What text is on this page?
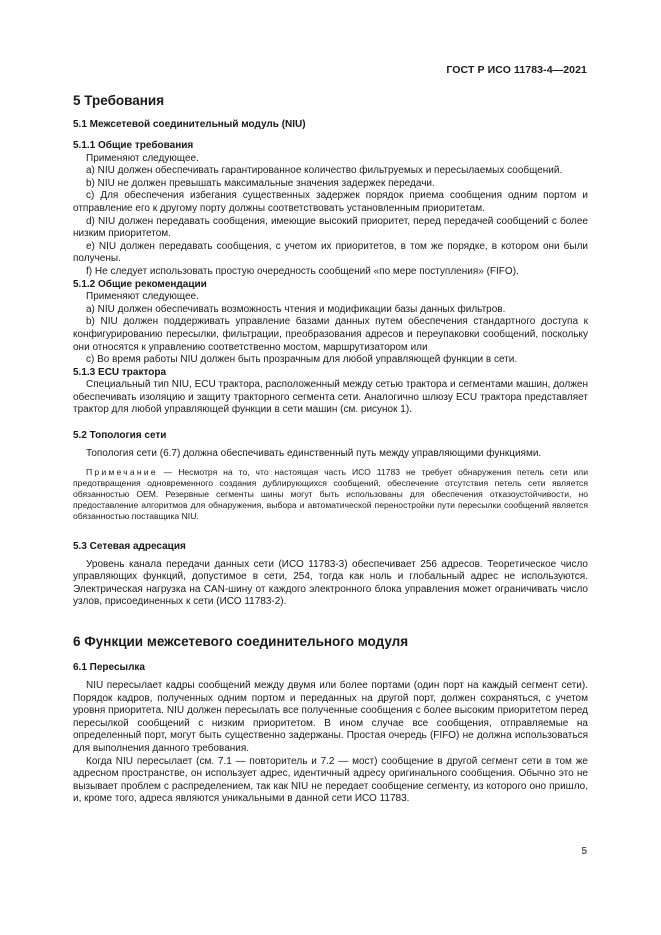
ГОСТ Р ИСО 11783-4—2021
5 Требования
5.1 Межсетевой соединительный модуль (NIU)
5.1.1 Общие требования

Применяют следующее.

a) NIU должен обеспечивать гарантированное количество фильтруемых и пересылаемых сообщений.

b) NIU не должен превышать максимальные значения задержек передачи.

c) Для обеспечения избегания существенных задержек порядок приема сообщения одним портом и отправление его к другому порту должны соответствовать установленным приоритетам.

d) NIU должен передавать сообщения, имеющие высокий приоритет, перед передачей сообщений с более низким приоритетом.

e) NIU должен передавать сообщения, с учетом их приоритетов, в том же порядке, в котором они были получены.

f) Не следует использовать простую очередность сообщений «по мере поступления» (FIFO).

5.1.2 Общие рекомендации

Применяют следующее.

a) NIU должен обеспечивать возможность чтения и модификации базы данных фильтров.

b) NIU должен поддерживать управление базами данных путем обеспечения стандартного доступа к конфигурированию пересылки, фильтрации, преобразования адресов и переупаковки сообщений, поскольку они относятся к управлению соответственно мостом, маршрутизатором или

c) Во время работы NIU должен быть прозрачным для любой управляющей функции в сети.

5.1.3 ECU трактора

Специальный тип NIU, ECU трактора, расположенный между сетью трактора и сегментами машин, должен обеспечивать изоляцию и защиту тракторного сегмента сети. Аналогично шлюзу ECU трактора представляет трактор для любой управляющей функции в сети машин (см. рисунок 1).

5.2 Топология сети

Топология сети (6.7) должна обеспечивать единственный путь между управляющими функциями.

Примечание — Несмотря на то, что настоящая часть ИСО 11783 не требует обнаружения петель сети или предотвращения одновременного создания дублирующихся сообщений, обеспечение отсутствия петель сети является обязанностью ОЕМ. Резервные сегменты шины могут быть использованы для обеспечения отказоустойчивости, но предоставление алгоритмов для обнаружения, выбора и автоматической переностройки пути пересылки сообщений является обязанностью поставщика NIU.

5.3 Сетевая адресация

Уровень канала передачи данных сети (ИСО 11783-3) обеспечивает 256 адресов. Теоретическое число управляющих функций, допустимое в сети, 254, тогда как ноль и глобальный адрес не используются. Электрическая нагрузка на CAN-шину от каждого электронного блока управления может ограничивать число узлов, присоединенных к сети (ИСО 11783-2).

6 Функции межсетевого соединительного модуля
6.1 Пересылка

NIU пересылает кадры сообщений между двумя или более портами (один порт на каждый сегмент сети). Порядок кадров, полученных одним портом и переданных на другой порт, должен сохраняться, с учетом уровня приоритета. NIU должен пересылать все полученные сообщения с более высоким приоритетом перед пересылкой сообщений с низким приоритетом. В ином случае все сообщения, отправляемые на определенный порт, могут быть существенно задержаны. Простая очередь (FIFO) не должна использоваться для выполнения данного требования.

Когда NIU пересылает (см. 7.1 — повторитель и 7.2 — мост) сообщение в другой сегмент сети в том же адресном пространстве, он использует адрес, идентичный адресу оригинального сообщения. Обычно это не вызывает проблем с распределением, так как NIU не передает сообщение сегменту, из которого оно пришло, и, кроме того, адреса являются уникальными в данной сети ИСО 11783.

5
